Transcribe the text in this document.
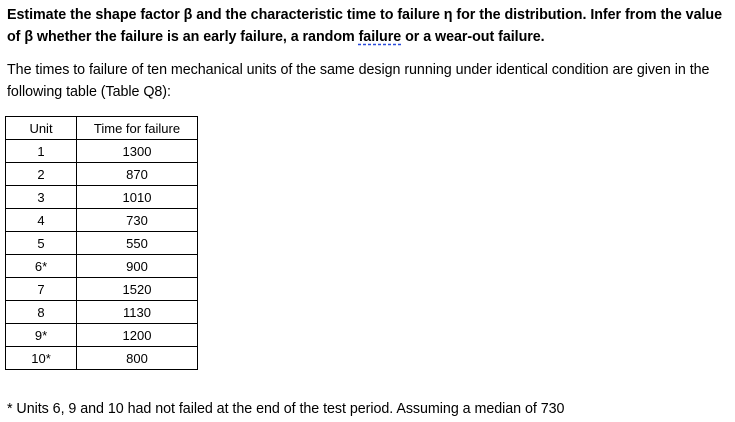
Estimate the shape factor β and the characteristic time to failure η for the distribution. Infer from the value of β whether the failure is an early failure, a random failure or a wear-out failure.
The times to failure of ten mechanical units of the same design running under identical condition are given in the following table (Table Q8):
Unit	Time for failure
1	1300
2	870
3	1010
4	730
5	550
6*	900
7	1520
8	1130
9*	1200
10*	800
* Units 6, 9 and 10 had not failed at the end of the test period. Assuming a median of 730
